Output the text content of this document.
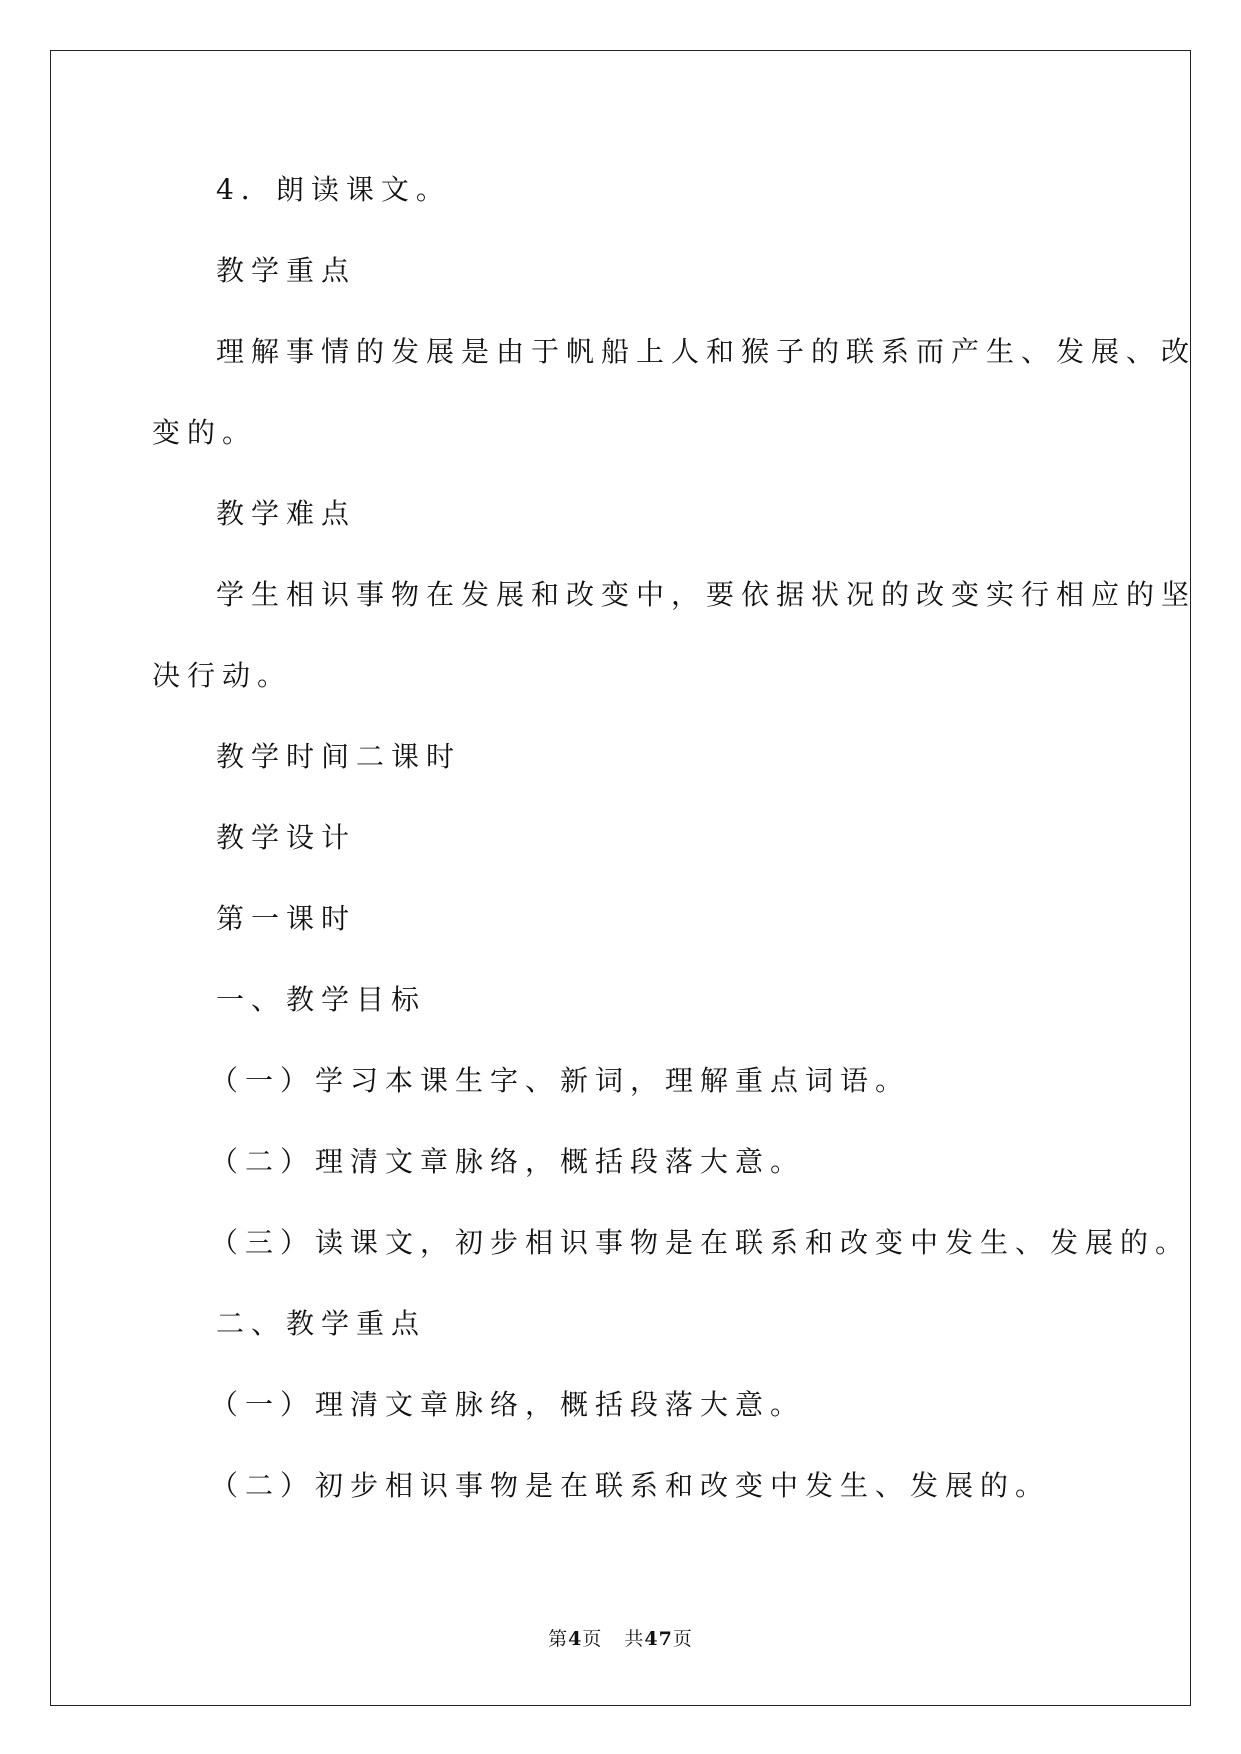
4．朗读课文。
教学重点
理解事情的发展是由于帆船上人和猴子的联系而产生、发展、改
变的。
教学难点
学生相识事物在发展和改变中，要依据状况的改变实行相应的坚
决行动。
教学时间二课时
教学设计
第一课时
一、教学目标
（一）学习本课生字、新词，理解重点词语。
（二）理清文章脉络，概括段落大意。
（三）读课文，初步相识事物是在联系和改变中发生、发展的。
二、教学重点
（一）理清文章脉络，概括段落大意。
（二）初步相识事物是在联系和改变中发生、发展的。
第4页 共47页
